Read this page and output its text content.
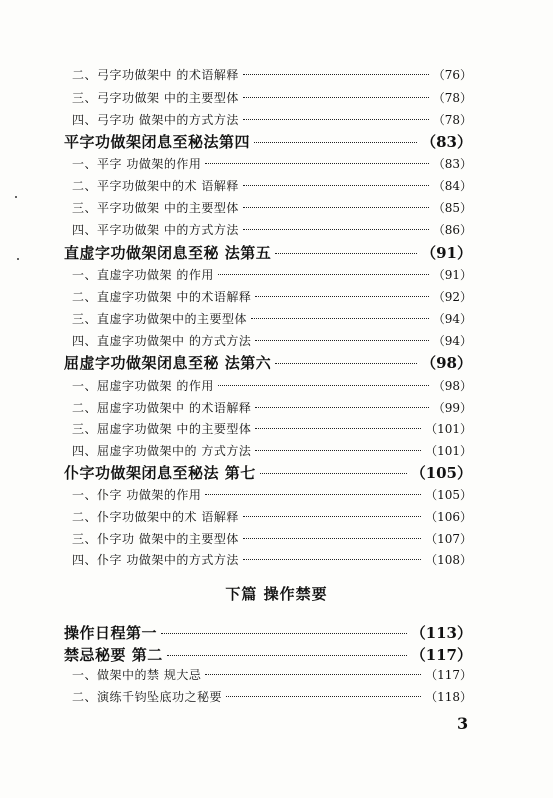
二、弓字功做架中 的术语解释	（76）
三、弓字功做架 中的主要型体	（78）
四、弓字功 做架中的方式方法	（78）
平字功做架闭息至秘法第四	（83）
一、平字 功做架的作用	（83）
二、平字功做架中的术 语解释	（84）
三、平字功做架 中的主要型体	（85）
四、平字功做架 中的方式方法	（86）
直虚字功做架闭息至秘 法第五	（91）
一、直虚字功做架 的作用	（91）
二、直虚字功做架 中的术语解释	（92）
三、直虚字功做架中的主要型体	（94）
四、直虚字功做架中 的方式方法	（94）
屈虚字功做架闭息至秘 法第六	（98）
一、屈虚字功做架 的作用	（98）
二、屈虚字功做架中 的术语解释	（99）
三、屈虚字功做架 中的主要型体	（101）
四、屈虚字功做架中的 方式方法	（101）
仆字功做架闭息至秘法 第七	（105）
一、仆字 功做架的作用	（105）
二、仆字功做架中的术 语解释	（106）
三、仆字功 做架中的主要型体	（107）
四、仆字 功做架中的方式方法	（108）
操作日程第一	（113）
禁忌秘要 第二	（117）
一、做架中的禁 规大忌	（117）
二、演练千钧坠底功之秘要	（118）
下篇 操作禁要
3
